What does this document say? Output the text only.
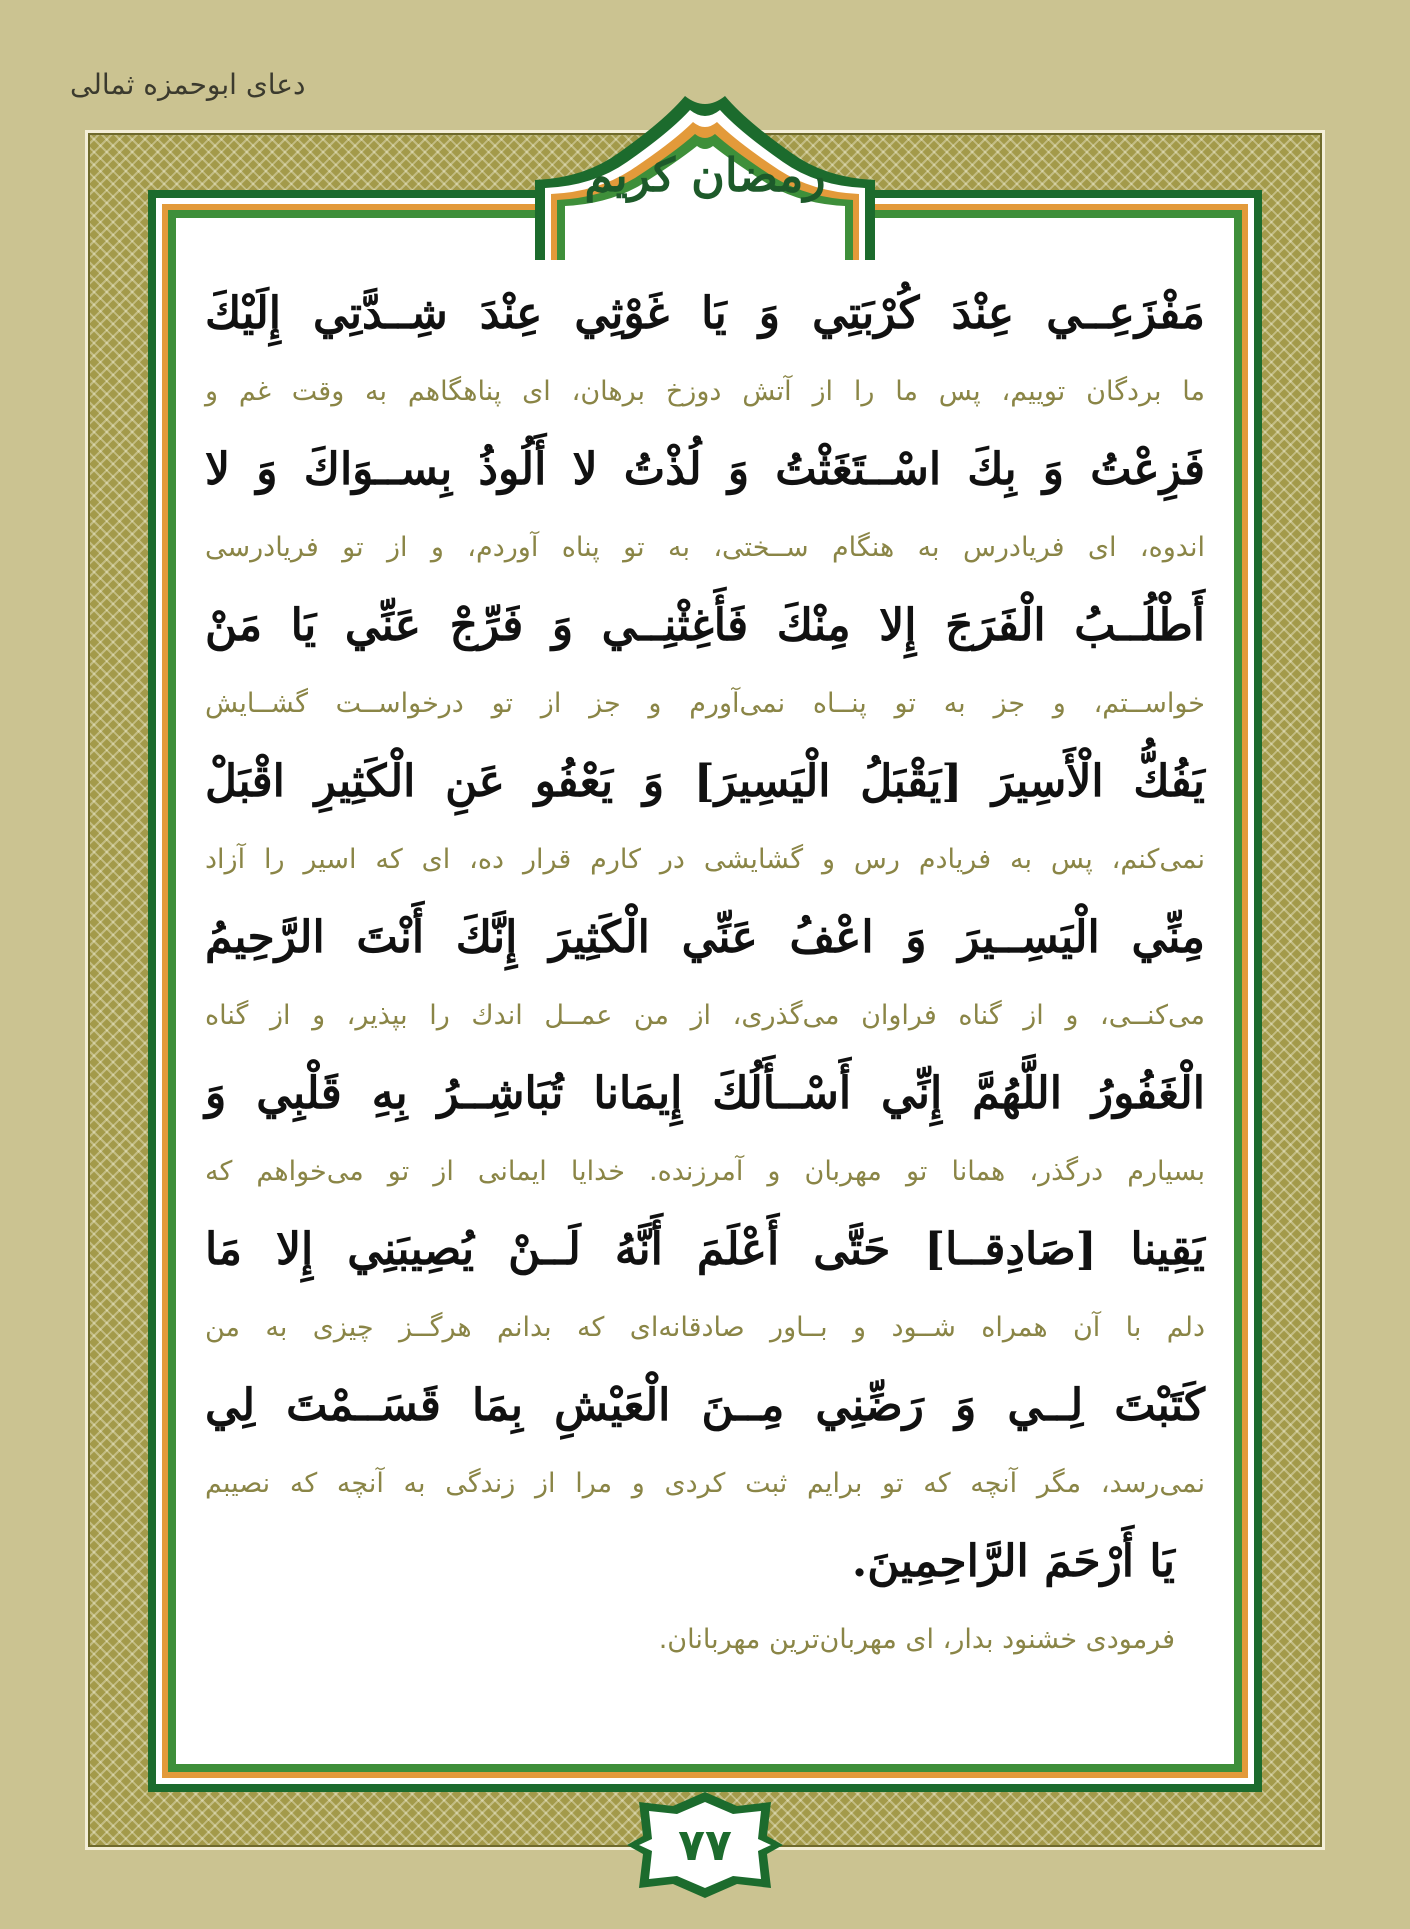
دعای ابوحمزه ثمالی
رمضان کریم
مَفْزَعِــي عِنْدَ كُرْبَتِي وَ يَا غَوْثِي عِنْدَ شِــدَّتِي إِلَيْكَ
ما بردگان توییم، پس ما را از آتش دوزخ برهان، ای پناهگاهم به وقت غم و
فَزِعْتُ وَ بِكَ اسْــتَغَثْتُ وَ لُذْتُ لا أَلُوذُ بِســوَاكَ وَ لا
اندوه، ای فریادرس به هنگام ســختی، به تو پناه آوردم، و از تو فریادرسی
أَطْلُــبُ الْفَرَجَ إِلا مِنْكَ فَأَغِثْنِــي وَ فَرِّجْ عَنِّي يَا مَنْ
خواســتم، و جز به تو پنــاه نمی‌آورم و جز از تو درخواســت گشــایش
يَفُكُّ الْأَسِيرَ [يَقْبَلُ الْيَسِيرَ] وَ يَعْفُو عَنِ الْكَثِيرِ اقْبَلْ
نمی‌کنم، پس به فریادم رس و گشایشی در کارم قرار ده، ای که اسیر را آزاد
مِنِّي الْيَسِــيرَ وَ اعْفُ عَنِّي الْكَثِيرَ إِنَّكَ أَنْتَ الرَّحِيمُ
می‌کنــی، و از گناه فراوان می‌گذری، از من عمــل اندك را بپذیر، و از گناه
الْغَفُورُ اللَّهُمَّ إِنِّي أَسْــأَلُكَ إِيمَانا تُبَاشِــرُ بِهِ قَلْبِي وَ
بسیارم درگذر، همانا تو مهربان و آمرزنده. خدایا ایمانی از تو می‌خواهم که
يَقِينا [صَادِقــا] حَتَّى أَعْلَمَ أَنَّهُ لَــنْ يُصِيبَنِي إِلا مَا
دلم با آن همراه شــود و بــاور صادقانه‌ای که بدانم هرگــز چیزی به من
كَتَبْتَ لِــي وَ رَضِّنِي مِــنَ الْعَيْشِ بِمَا قَسَــمْتَ لِي
نمی‌رسد، مگر آنچه که تو برایم ثبت کردی و مرا از زندگی به آنچه که نصیبم
يَا أَرْحَمَ الرَّاحِمِينَ.
فرمودی خشنود بدار، ای مهربان‌ترین مهربانان.
۷۷
